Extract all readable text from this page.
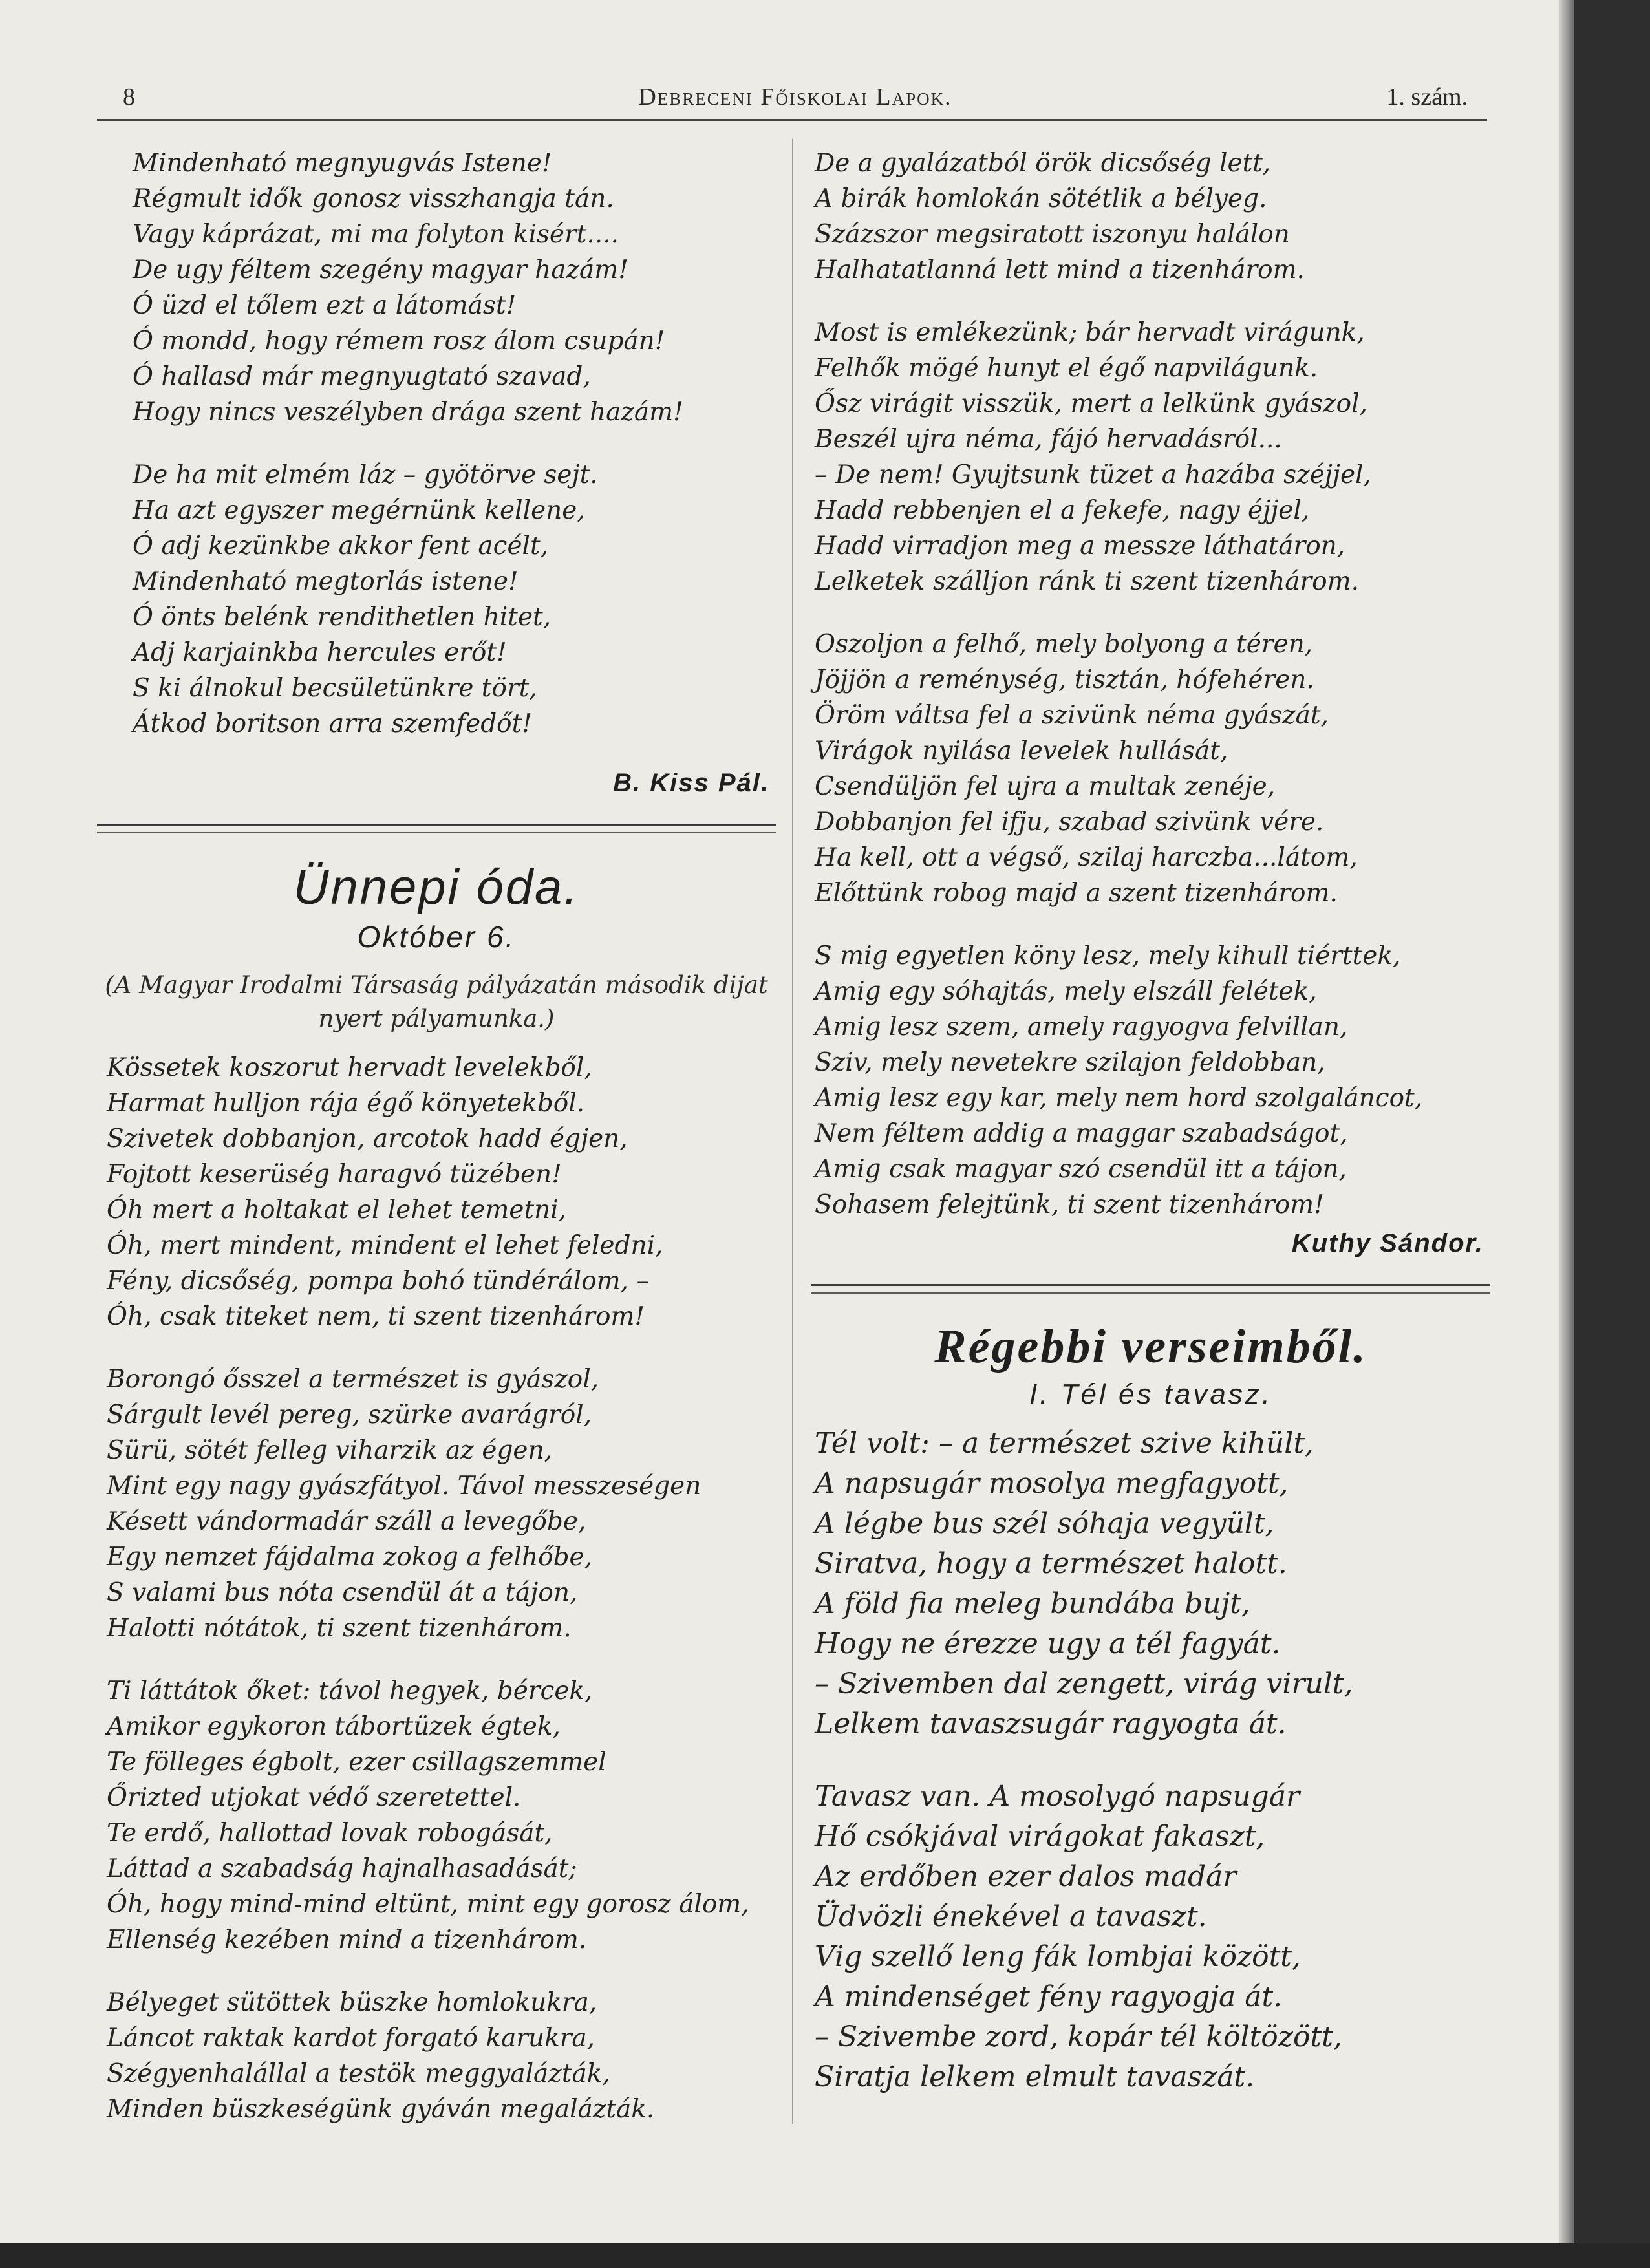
8	Debreceni Főiskolai Lapok.	1. szám.
Mindenható megnyugvás Istene!
Régmult idők gonosz visszhangja tán.
Vagy káprázat, mi ma folyton kisért....
De ugy féltem szegény magyar hazám!
Ó üzd el tőlem ezt a látomást!
Ó mondd, hogy rémem rosz álom csupán!
Ó hallasd már megnyugtató szavad,
Hogy nincs veszélyben drága szent hazám!
De ha mit elmém láz – gyötörve sejt.
Ha azt egyszer megérnünk kellene,
Ó adj kezünkbe akkor fent acélt,
Mindenható megtorlás istene!
Ó önts belénk rendithetlen hitet,
Adj karjainkba hercules erőt!
S ki álnokul becsületünkre tört,
Átkod boritson arra szemfedőt!
B. Kiss Pál.
Ünnepi óda.
Október 6.
(A Magyar Irodalmi Társaság pályázatán második dijat nyert pályamunka.)
Kössetek koszorut hervadt levelekből,
Harmat hulljon rája égő könyetekből.
Szivetek dobbanjon, arcotok hadd égjen,
Fojtott keserüség haragvó tüzében!
Óh mert a holtakat el lehet temetni,
Óh, mert mindent, mindent el lehet feledni,
Fény, dicsőség, pompa bohó tündérálom, –
Óh, csak titeket nem, ti szent tizenhárom!
Borongó ősszel a természet is gyászol,
Sárgult levél pereg, szürke avarágról,
Sürü, sötét felleg viharzik az égen,
Mint egy nagy gyászfátyol. Távol messzeségen
Késett vándormadár száll a levegőbe,
Egy nemzet fájdalma zokog a felhőbe,
S valami bus nóta csendül át a tájon,
Halotti nótátok, ti szent tizenhárom.
Ti láttátok őket: távol hegyek, bércek,
Amikor egykoron tábortüzek égtek,
Te fölleges égbolt, ezer csillagszemmel
Őrizted utjokat védő szeretettel.
Te erdő, hallottad lovak robogását,
Láttad a szabadság hajnalhasadását;
Óh, hogy mind-mind eltünt, mint egy gorosz álom,
Ellenség kezében mind a tizenhárom.
Bélyeget sütöttek büszke homlokukra,
Láncot raktak kardot forgató karukra,
Szégyenhalállal a testök meggyalázták,
Minden büszkeségünk gyáván megalázták.
De a gyalázatból örök dicsőség lett,
A birák homlokán sötétlik a bélyeg.
Százszor megsiratott iszonyu halálon
Halhatatlanná lett mind a tizenhárom.
Most is emlékezünk; bár hervadt virágunk,
Felhők mögé hunyt el égő napvilágunk.
Ősz virágit visszük, mert a lelkünk gyászol,
Beszél ujra néma, fájó hervadásról...
– De nem! Gyujtsunk tüzet a hazába széjjel,
Hadd rebbenjen el a fekefe, nagy éjjel,
Hadd virradjon meg a messze láthatáron,
Lelketek szálljon ránk ti szent tizenhárom.
Oszoljon a felhő, mely bolyong a téren,
Jöjjön a reménység, tisztán, hófehéren.
Öröm váltsa fel a szivünk néma gyászát,
Virágok nyilása levelek hullását,
Csendüljön fel ujra a multak zenéje,
Dobbanjon fel ifju, szabad szivünk vére.
Ha kell, ott a végső, szilaj harczba...látom,
Előttünk robog majd a szent tizenhárom.
S mig egyetlen köny lesz, mely kihull tiérttek,
Amig egy sóhajtás, mely elszáll felétek,
Amig lesz szem, amely ragyogva felvillan,
Sziv, mely nevetekre szilajon feldobban,
Amig lesz egy kar, mely nem hord szolgaláncot,
Nem féltem addig a maggar szabadságot,
Amig csak magyar szó csendül itt a tájon,
Sohasem felejtünk, ti szent tizenhárom!
Kuthy Sándor.
Régebbi verseimből.
I. Tél és tavasz.
Tél volt: – a természet szive kihült,
A napsugár mosolya megfagyott,
A légbe bus szél sóhaja vegyült,
Siratva, hogy a természet halott.
A föld fia meleg bundába bujt,
Hogy ne érezze ugy a tél fagyát.
– Szivemben dal zengett, virág virult,
Lelkem tavaszsugár ragyogta át.
Tavasz van. A mosolygó napsugár
Hő csókjával virágokat fakaszt,
Az erdőben ezer dalos madár
Üdvözli énekével a tavaszt.
Vig szellő leng fák lombjai között,
A mindenséget fény ragyogja át.
– Szivembe zord, kopár tél költözött,
Siratja lelkem elmult tavaszát.
